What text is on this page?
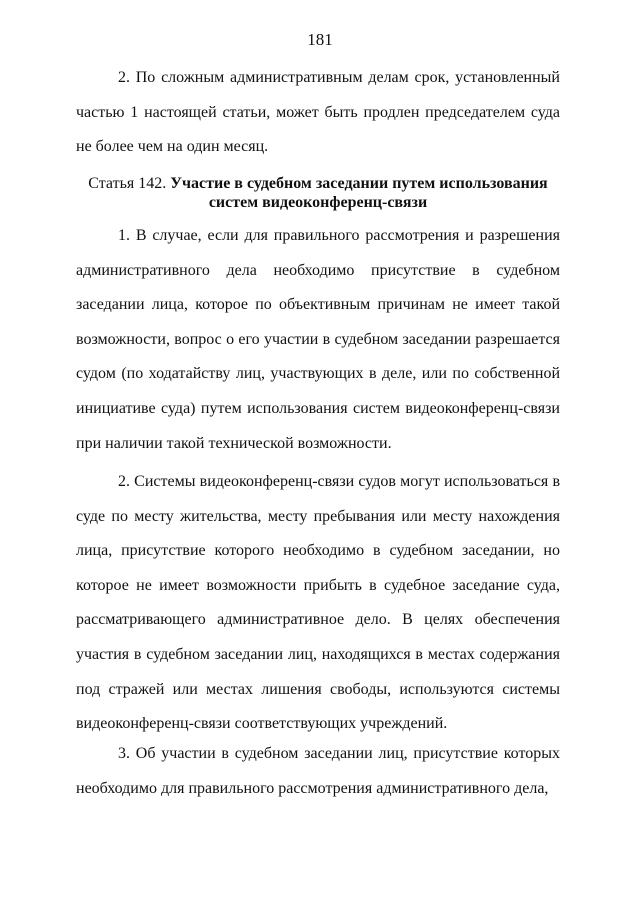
181

2. По сложным административным делам срок, установленный частью 1 настоящей статьи, может быть продлен председателем суда не более чем на один месяц.

Статья 142. Участие в судебном заседании путем использования систем видеоконференц-связи

1. В случае, если для правильного рассмотрения и разрешения административного дела необходимо присутствие в судебном заседании лица, которое по объективным причинам не имеет такой возможности, вопрос о его участии в судебном заседании разрешается судом (по ходатайству лиц, участвующих в деле, или по собственной инициативе суда) путем использования систем видеоконференц-связи при наличии такой технической возможности.

2. Системы видеоконференц-связи судов могут использоваться в суде по месту жительства, месту пребывания или месту нахождения лица, присутствие которого необходимо в судебном заседании, но которое не имеет возможности прибыть в судебное заседание суда, рассматривающего административное дело. В целях обеспечения участия в судебном заседании лиц, находящихся в местах содержания под стражей или местах лишения свободы, используются системы видеоконференц-связи соответствующих учреждений.

3. Об участии в судебном заседании лиц, присутствие которых необходимо для правильного рассмотрения административного дела,
